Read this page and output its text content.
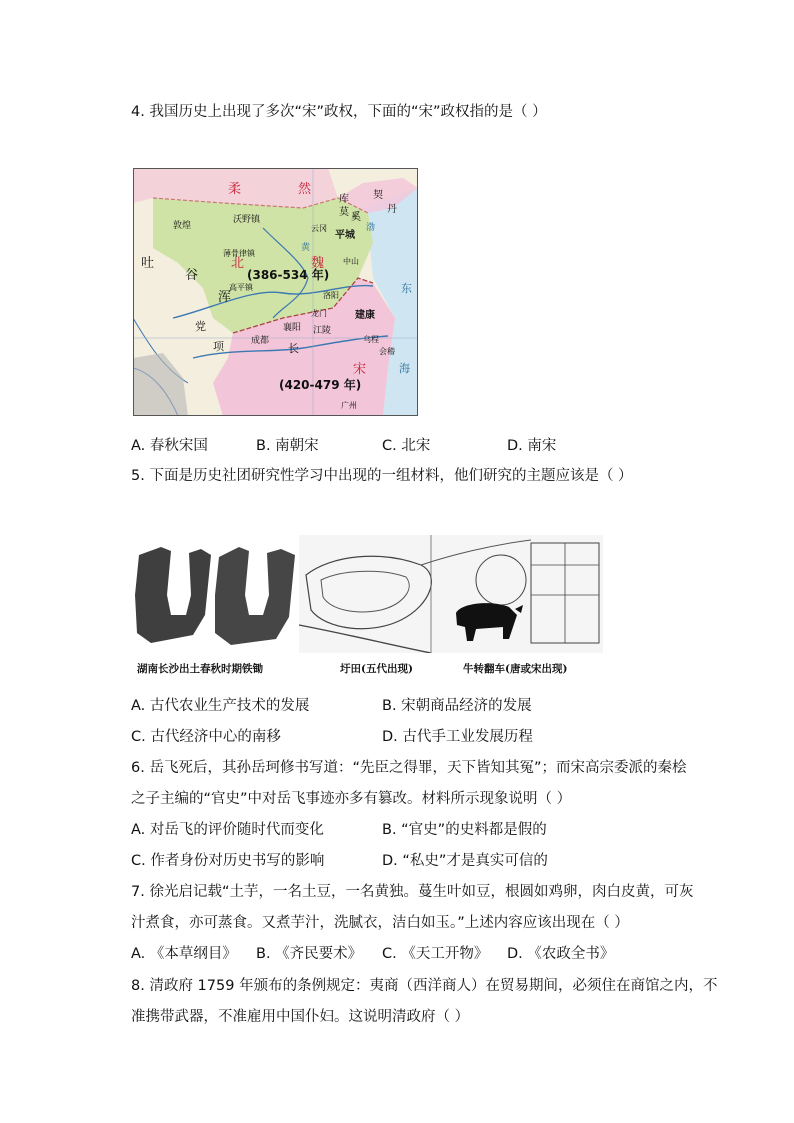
4. 我国历史上出现了多次“宋”政权，下面的“宋”政权指的是（ ）
柔	然
库
莫 奚
契
丹
敦煌
沃野镇
平城
云冈
吐
谷
浑
北	魏
(386-534 年)
薄骨律镇
中山
高平镇
洛阳
龙门
党
项	成都
襄阳 江陵
建康
长
宋
乌程
会稽
(420-479 年)
广州
东
海
黄
渤
A. 春秋宋国	B. 南朝宋	C. 北宋	D. 南宋
5. 下面是历史社团研究性学习中出现的一组材料，他们研究的主题应该是（ ）
湖南长沙出土春秋时期铁锄	圩田(五代出现)	牛转翻车(唐或宋出现)
A. 古代农业生产技术的发展	B. 宋朝商品经济的发展
C. 古代经济中心的南移	D. 古代手工业发展历程
6. 岳飞死后，其孙岳珂修书写道：“先臣之得罪，天下皆知其冤”；而宋高宗委派的秦桧
之子主编的“官史”中对岳飞事迹亦多有篡改。材料所示现象说明（ ）
A. 对岳飞的评价随时代而变化	B. “官史”的史料都是假的
C. 作者身份对历史书写的影响	D. “私史”才是真实可信的
7. 徐光启记载“土芋，一名土豆，一名黄独。蔓生叶如豆，根圆如鸡卵，肉白皮黄，可灰
汁煮食，亦可蒸食。又煮芋汁，洗腻衣，洁白如玉。”上述内容应该出现在（ ）
A. 《本草纲目》 B. 《齐民要术》 C. 《天工开物》 D. 《农政全书》
8. 清政府 1759 年颁布的条例规定：夷商（西洋商人）在贸易期间，必须住在商馆之内，不
准携带武器，不准雇用中国仆妇。这说明清政府（ ）
